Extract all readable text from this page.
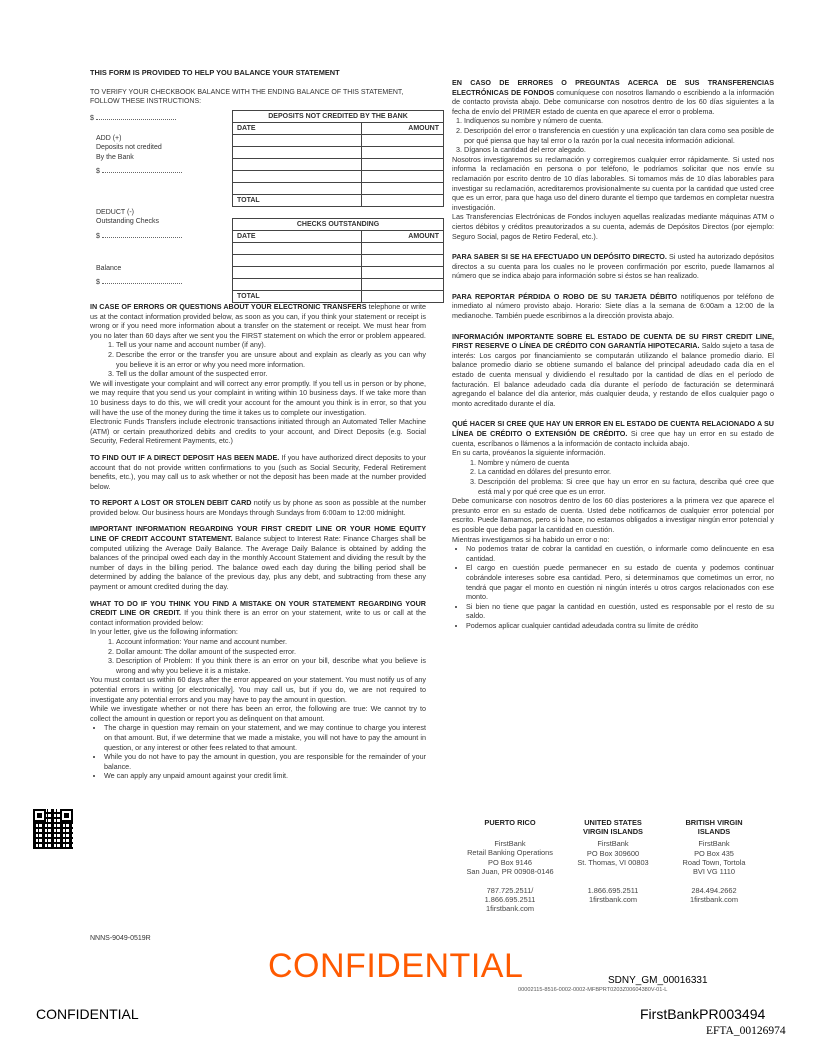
THIS FORM IS PROVIDED TO HELP YOU BALANCE YOUR STATEMENT
TO VERIFY YOUR CHECKBOOK BALANCE WITH THE ENDING BALANCE OF THIS STATEMENT,
FOLLOW THESE INSTRUCTIONS:
$
ADD (+)
Deposits not credited
By the Bank
$
DEDUCT (-)
Outstanding Checks
$
Balance
$
DEPOSITS NOT CREDITED BY THE BANK	
DATE	AMOUNT

TOTAL	
CHECKS OUTSTANDING	
DATE	AMOUNT

TOTAL	

IN CASE OF ERRORS OR QUESTIONS ABOUT YOUR ELECTRONIC TRANSFERS telephone or write us at the contact information provided below, as soon as you can, if you think your statement or receipt is wrong or if you need more information about a transfer on the statement or receipt. We must hear from you no later than 60 days after we sent you the FIRST statement on which the error or problem appeared.

1. Tell us your name and account number (if any).
2. Describe the error or the transfer you are unsure about and explain as clearly as you can why you believe it is an error or why you need more information.
3. Tell us the dollar amount of the suspected error.

We will investigate your complaint and will correct any error promptly. If you tell us in person or by phone, we may require that you send us your complaint in writing within 10 business days. If we take more than 10 business days to do this, we will credit your account for the amount you think is in error, so that you will have the use of the money during the time it takes us to complete our investigation.

Electronic Funds Transfers include electronic transactions initiated through an Automated Teller Machine (ATM) or certain preauthorized debits and credits to your account, and Direct Deposits (e.g. Social Security, Federal Retirement Payments, etc.)

TO FIND OUT IF A DIRECT DEPOSIT HAS BEEN MADE. If you have authorized direct deposits to your account that do not provide written confirmations to you (such as Social Security, Federal Retirement benefits, etc.), you may call us to ask whether or not the deposit has been made at the number provided below.

TO REPORT A LOST OR STOLEN DEBIT CARD notify us by phone as soon as possible at the number provided below. Our business hours are Mondays through Sundays from 6:00am to 12:00 midnight.

IMPORTANT INFORMATION REGARDING YOUR FIRST CREDIT LINE OR YOUR HOME EQUITY LINE OF CREDIT ACCOUNT STATEMENT. Balance subject to Interest Rate: Finance Charges shall be computed utilizing the Average Daily Balance. The Average Daily Balance is obtained by adding the balances of the principal owed each day in the monthly Account Statement and dividing the result by the number of days in the billing period. The balance owed each day during the billing period shall be determined by adding the balance of the previous day, plus any debt, and subtracting from these any payment or amount credited during the day.

WHAT TO DO IF YOU THINK YOU FIND A MISTAKE ON YOUR STATEMENT REGARDING YOUR CREDIT LINE OR CREDIT. If you think there is an error on your statement, write to us or call at the contact information provided below:

In your letter, give us the following information:
1. Account information: Your name and account number.
2. Dollar amount: The dollar amount of the suspected error.
3. Description of Problem: If you think there is an error on your bill, describe what you believe is wrong and why you believe it is a mistake.
You must contact us within 60 days after the error appeared on your statement. You must notify us of any potential errors in writing [or electronically]. You may call us, but if you do, we are not required to investigate any potential errors and you may have to pay the amount in question.
While we investigate whether or not there has been an error, the following are true: We cannot try to collect the amount in question or report you as delinquent on that amount.
• The charge in question may remain on your statement, and we may continue to charge you interest on that amount. But, if we determine that we made a mistake, you will not have to pay the amount in question, or any interest or other fees related to that amount.
• While you do not have to pay the amount in question, you are responsible for the remainder of your balance.
• We can apply any unpaid amount against your credit limit.
NNNS-9049-0519R

EN CASO DE ERRORES O PREGUNTAS ACERCA DE SUS TRANSFERENCIAS ELECTRÓNICAS DE FONDOS comuníquese con nosotros llamando o escribiendo a la información de contacto provista abajo. Debe comunicarse con nosotros dentro de los 60 días siguientes a la fecha de envío del PRIMER estado de cuenta en que aparece el error o problema.

1. Indíquenos su nombre y número de cuenta.
2. Descripción del error o transferencia en cuestión y una explicación tan clara como sea posible de por qué piensa que hay tal error o la razón por la cual necesita información adicional.
3. Díganos la cantidad del error alegado.
Nosotros investigaremos su reclamación y corregiremos cualquier error rápidamente. Si usted nos informa la reclamación en persona o por teléfono, le podríamos solicitar que nos envíe su reclamación por escrito dentro de 10 días laborables. Si tomamos más de 10 días laborables para investigar su reclamación, acreditaremos provisionalmente su cuenta por la cantidad que usted cree que es un error, para que haga uso del dinero durante el tiempo que tardemos en completar nuestra investigación.

Las Transferencias Electrónicas de Fondos incluyen aquellas realizadas mediante máquinas ATM o ciertos débitos y créditos preautorizados a su cuenta, además de Depósitos Directos (por ejemplo: Seguro Social, pagos de Retiro Federal, etc.).

PARA SABER SI SE HA EFECTUADO UN DEPÓSITO DIRECTO. Si usted ha autorizado depósitos directos a su cuenta para los cuales no le proveen confirmación por escrito, puede llamarnos al número que se indica abajo para información sobre si éstos se han realizado.

PARA REPORTAR PÉRDIDA O ROBO DE SU TARJETA DÉBITO notifíquenos por teléfono de inmediato al número provisto abajo. Horario: Siete días a la semana de 6:00am a 12:00 de la medianoche. También puede escribirnos a la dirección provista abajo.

INFORMACIÓN IMPORTANTE SOBRE EL ESTADO DE CUENTA DE SU FIRST CREDIT LINE, FIRST RESERVE O LÍNEA DE CRÉDITO CON GARANTÍA HIPOTECARIA. Saldo sujeto a tasa de interés: Los cargos por financiamiento se computarán utilizando el balance promedio diario. El balance promedio diario se obtiene sumando el balance del principal adeudado cada día en el estado de cuenta mensual y dividiendo el resultado por la cantidad de días en el período de facturación. El balance adeudado cada día durante el período de facturación se determinará agregando el balance del día anterior, más cualquier deuda, y restando de ellos cualquier pago o monto acreditado durante el día.

QUÉ HACER SI CREE QUE HAY UN ERROR EN EL ESTADO DE CUENTA RELACIONADO A SU LÍNEA DE CRÉDITO O EXTENSIÓN DE CRÉDITO. Si cree que hay un error en su estado de cuenta, escríbanos o llámenos a la información de contacto incluida abajo.

En su carta, provéanos la siguiente información.
1. Nombre y número de cuenta
2. La cantidad en dólares del presunto error.
3. Descripción del problema: Si cree que hay un error en su factura, describa qué cree que está mal y por qué cree que es un error.
Debe comunicarse con nosotros dentro de los 60 días posteriores a la primera vez que aparece el presunto error en su estado de cuenta. Usted debe notificarnos de cualquier error potencial por escrito. Puede llamarnos, pero si lo hace, no estamos obligados a investigar ningún error potencial y es posible que deba pagar la cantidad en cuestión.
Mientras investigamos si ha habido un error o no:
• No podemos tratar de cobrar la cantidad en cuestión, o informarle como delincuente en esa cantidad.
• El cargo en cuestión puede permanecer en su estado de cuenta y podemos continuar cobrándole intereses sobre esa cantidad. Pero, si determinamos que cometimos un error, no tendrá que pagar el monto en cuestión ni ningún interés u otros cargos relacionados con ese monto.
• Si bien no tiene que pagar la cantidad en cuestión, usted es responsable por el resto de su saldo.
• Podemos aplicar cualquier cantidad adeudada contra su límite de crédito
PUERTO RICO
FirstBank
Retail Banking Operations
PO Box 9146
San Juan, PR 00908-0146
787.725.2511/
1.866.695.2511
1firstbank.com
UNITED STATES
VIRGIN ISLANDS
FirstBank
PO Box 309600
St. Thomas, VI 00803
1.866.695.2511
1firstbank.com
BRITISH VIRGIN
ISLANDS
FirstBank
PO Box 435
Road Town, Tortola
BVI VG 1110
284.494.2662
1firstbank.com
CONFIDENTIAL	SDNY_GM_00016331
00002115-8516-0002-0002-MFBPRT0203Z00604380V-01-L
CONFIDENTIAL	FirstBankPR003494
EFTA_00126974
